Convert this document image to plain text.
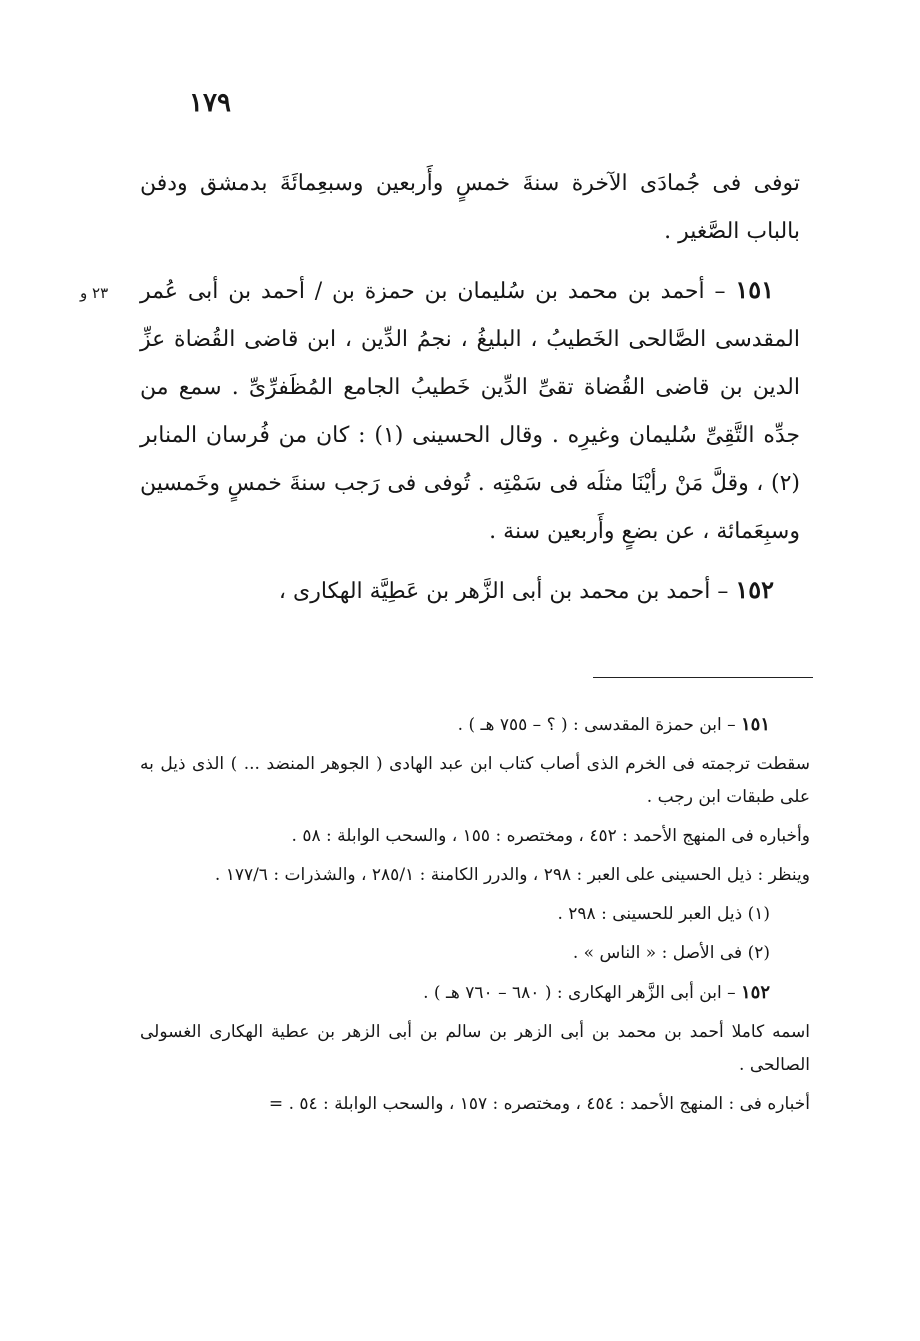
١٧٩
٢٣ و

توفى فى جُمادَى الآخرة سنةَ خمسٍ وأَربعين وسبعِمائَةَ بدمشق ودفن بالباب الصَّغير .

١٥١ – أحمد بن محمد بن سُليمان بن حمزة بن / أحمد بن أبى عُمر المقدسى الصَّالحى الخَطيبُ ، البليغُ ، نجمُ الدِّين ، ابن قاضى القُضاة عزِّ الدين بن قاضى القُضاة تقىِّ الدِّين خَطيبُ الجامع المُظَفرِّىِّ . سمع من جدِّه التَّقِىِّ سُليمان وغيرِه . وقال الحسينى (١) : كان من فُرسان المنابر (٢) ، وقلَّ مَنْ رأيْنَا مثلَه فى سَمْتِه . تُوفى فى رَجب سنةَ خمسٍ وخَمسين وسبِعَمائة ، عن بضعٍ وأَربعين سنة .

١٥٢ – أحمد بن محمد بن أبى الزَّهر بن عَطِيَّة الهكارى ،

١٥١ – ابن حمزة المقدسى : ( ؟ – ٧٥٥ هـ ) .

سقطت ترجمته فى الخرم الذى أصاب كتاب ابن عبد الهادى ( الجوهر المنضد ... ) الذى ذيل به على طبقات ابن رجب .

وأخباره فى المنهج الأحمد : ٤٥٢ ، ومختصره : ١٥٥ ، والسحب الوابلة : ٥٨ .

وينظر : ذيل الحسينى على العبر : ٢٩٨ ، والدرر الكامنة : ٢٨٥/١ ، والشذرات : ١٧٧/٦ .

(١) ذيل العبر للحسينى : ٢٩٨ .

(٢) فى الأصل : « الناس » .

١٥٢ – ابن أبى الزَّهر الهكارى : ( ٦٨٠ – ٧٦٠ هـ ) .

اسمه كاملا أحمد بن محمد بن أبى الزهر بن سالم بن أبى الزهر بن عطية الهكارى الغسولى الصالحى .

أخباره فى : المنهج الأحمد : ٤٥٤ ، ومختصره : ١٥٧ ، والسحب الوابلة : ٥٤ . =
